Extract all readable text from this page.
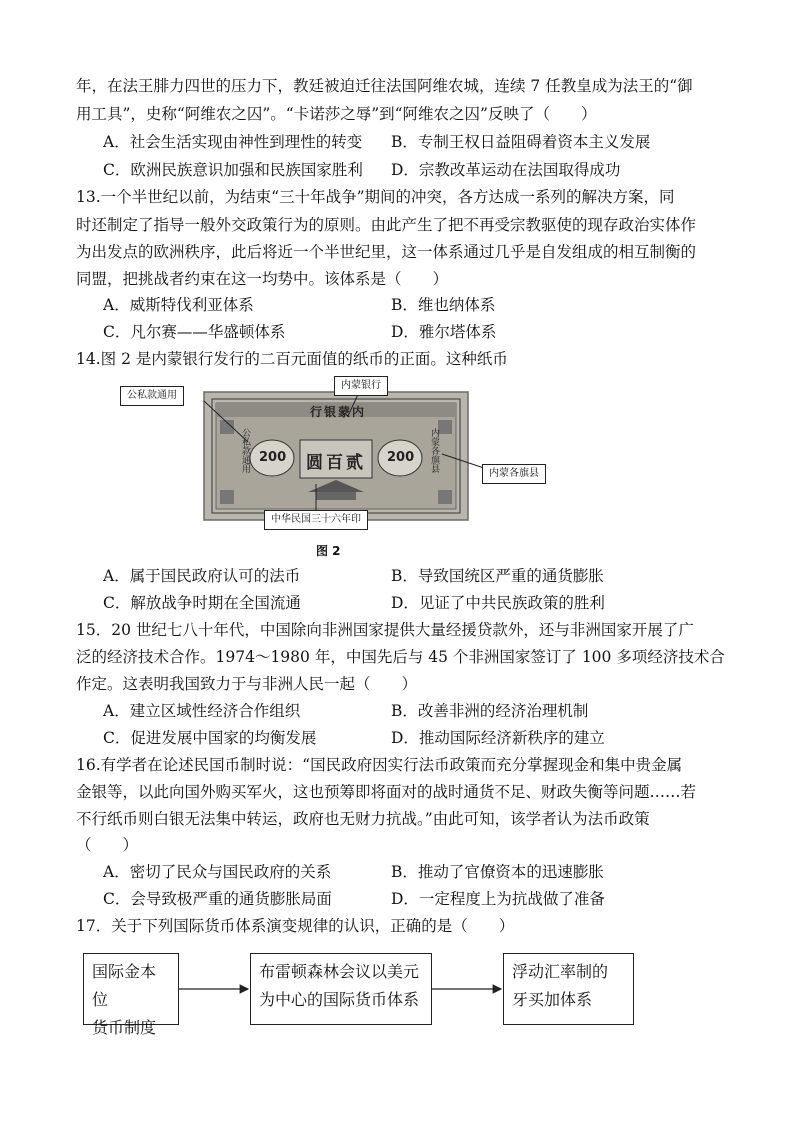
年，在法王腓力四世的压力下，教廷被迫迁往法国阿维农城，连续 7 任教皇成为法王的“御
用工具”，史称“阿维农之囚”。“卡诺莎之辱”到“阿维农之囚”反映了（　　）
A．社会生活实现由神性到理性的转变 B．专制王权日益阻碍着资本主义发展
C．欧洲民族意识加强和民族国家胜利 D．宗教改革运动在法国取得成功
13.一个半世纪以前，为结束“三十年战争”期间的冲突，各方达成一系列的解决方案，同
时还制定了指导一般外交政策行为的原则。由此产生了把不再受宗教驱使的现存政治实体作
为出发点的欧洲秩序，此后将近一个半世纪里，这一体系通过几乎是自发组成的相互制衡的
同盟，把挑战者约束在这一均势中。该体系是（　　）
A．威斯特伐利亚体系	B．维也纳体系
C．凡尔赛——华盛顿体系	D．雅尔塔体系
14.图 2 是内蒙银行发行的二百元面值的纸币的正面。这种纸币
行银蒙内
200	200
圆百贰
公私款通用	内蒙各旗县
公私款通用
内蒙银行
内蒙各旗县
中华民国三十六年印
图 2
A．属于国民政府认可的法币	B．导致国统区严重的通货膨胀
C．解放战争时期在全国流通	D．见证了中共民族政策的胜利
15．20 世纪七八十年代，中国除向非洲国家提供大量经援贷款外，还与非洲国家开展了广
泛的经济技术合作。1974～1980 年，中国先后与 45 个非洲国家签订了 100 多项经济技术合
作定。这表明我国致力于与非洲人民一起（　　）
A．建立区域性经济合作组织	B．改善非洲的经济治理机制
C．促进发展中国家的均衡发展	D．推动国际经济新秩序的建立
16.有学者在论述民国币制时说：“国民政府因实行法币政策而充分掌握现金和集中贵金属
金银等，以此向国外购买军火，这也预筹即将面对的战时通货不足、财政失衡等问题……若
不行纸币则白银无法集中转运，政府也无财力抗战。”由此可知，该学者认为法币政策
（　　）
A．密切了民众与国民政府的关系	B．推动了官僚资本的迅速膨胀
C．会导致极严重的通货膨胀局面	D．一定程度上为抗战做了准备
17．关于下列国际货币体系演变规律的认识，正确的是（　　）
国际金本位
货币制度
布雷顿森林会议以美元
为中心的国际货币体系
浮动汇率制的
牙买加体系
